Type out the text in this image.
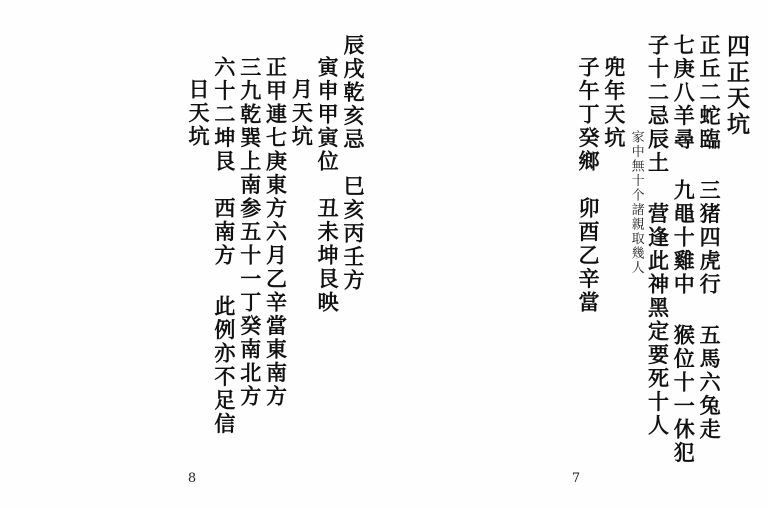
四正天坑
正丘二蛇臨 三猪四虎行 五馬六兔走
七庚八羊尋 九黽十雞中 猴位十一休犯
子十二忌辰土 营逢此神黑定要死十人
家中無十个諸親取幾人
兜年天坑
子午丁癸鄉　卯酉乙辛當
7
辰戌乾亥忌　巳亥丙壬方
寅申甲寅位　丑未坤艮映
月天坑
正甲連七庚東方六月乙辛當東南方
三九乾巽上南参五十一丁癸南北方
六十二坤艮　西南方 此例亦不足信
日天坑
8
